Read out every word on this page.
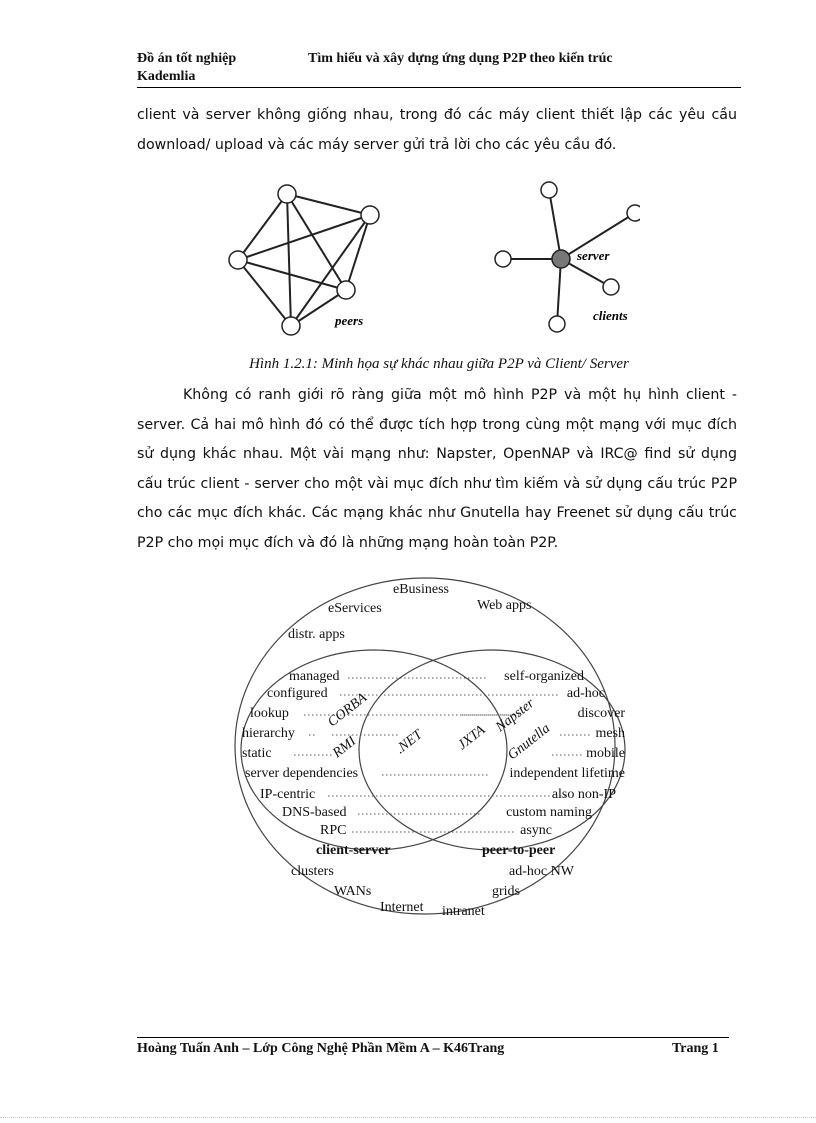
Đồ án tốt nghiệp	Tìm hiểu và xây dựng ứng dụng P2P theo kiến trúc
Kademlia

client và server không giống nhau, trong đó các máy client thiết lập các yêu cầu download/ upload và các máy server gửi trả lời cho các yêu cầu đó.

peers
server
clients
Hình 1.2.1: Minh họa sự khác nhau giữa P2P và Client/ Server

Không có ranh giới rõ ràng giữa một mô hình P2P và một hụ hình client - server. Cả hai mô hình đó có thể được tích hợp trong cùng một mạng với mục đích sử dụng khác nhau. Một vài mạng như: Napster, OpenNAP và IRC@ find sử dụng cấu trúc client - server cho một vài mục đích như tìm kiếm và sử dụng cấu trúc P2P cho các mục đích khác. Các mạng khác như Gnutella hay Freenet sử dụng cấu trúc P2P cho mọi mục đích và đó là những mạng hoàn toàn P2P.

eBusiness
eServices	Web apps
distr. apps
managed
configured
lookup
hierarchy
static
server dependencies
IP-centric
DNS-based
RPC
self-organized
ad-hoc
discover
mesh
mobile
independent lifetime
also non-IP
custom naming
async
CORBA
RMI .NET JXTA
Napster
Gnutella
client-server	peer-to-peer
clusters
WANs
Internet intranet
grids
ad-hoc NW
Hoàng Tuấn Anh – Lớp Công Nghệ Phần Mềm A – K46Trang	Trang 1
